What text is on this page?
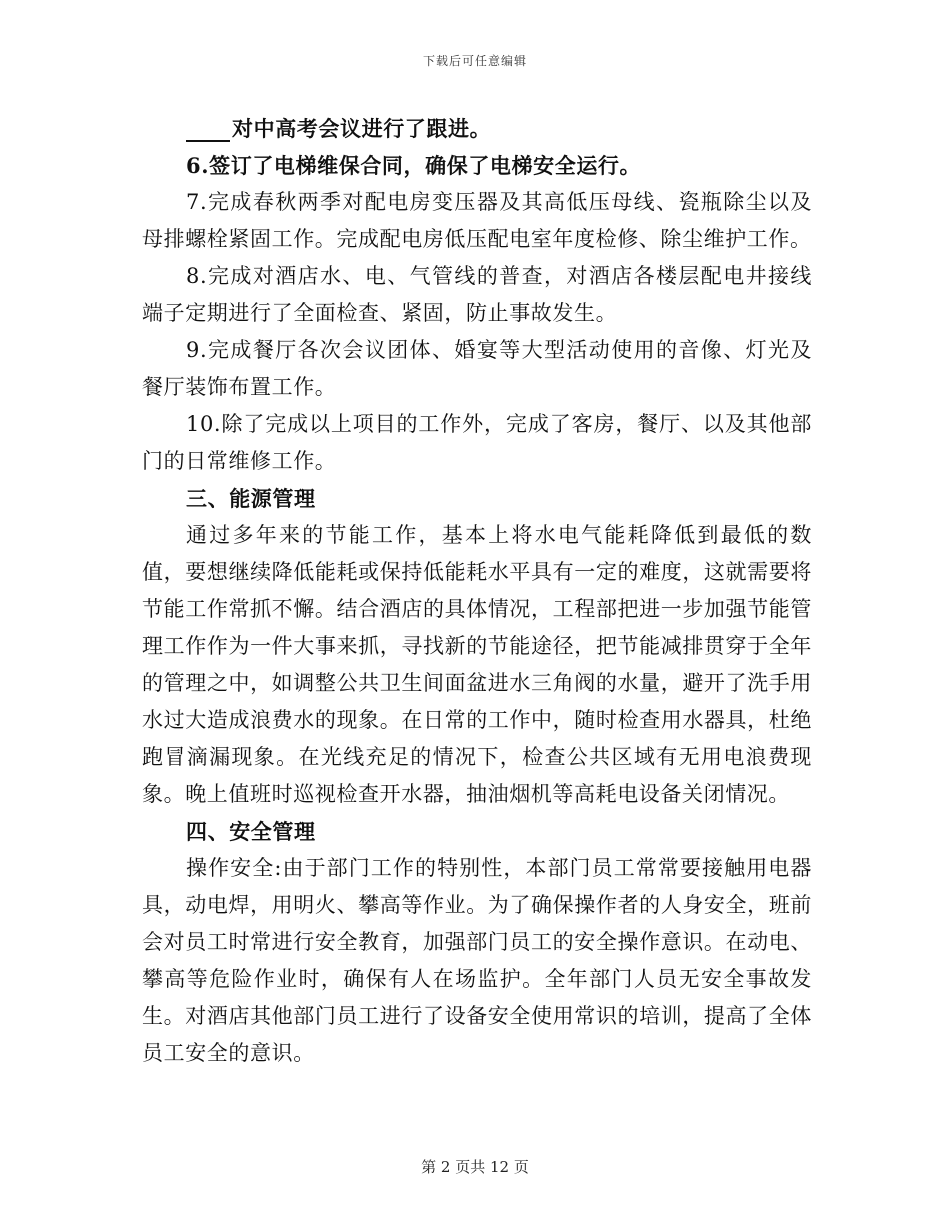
下载后可任意编辑

对中高考会议进行了跟进。

6.签订了电梯维保合同，确保了电梯安全运行。

7.完成春秋两季对配电房变压器及其高低压母线、瓷瓶除尘以及母排螺栓紧固工作。完成配电房低压配电室年度检修、除尘维护工作。

8.完成对酒店水、电、气管线的普查，对酒店各楼层配电井接线端子定期进行了全面检查、紧固，防止事故发生。

9.完成餐厅各次会议团体、婚宴等大型活动使用的音像、灯光及餐厅装饰布置工作。

10.除了完成以上项目的工作外，完成了客房，餐厅、以及其他部门的日常维修工作。

三、能源管理

通过多年来的节能工作，基本上将水电气能耗降低到最低的数值，要想继续降低能耗或保持低能耗水平具有一定的难度，这就需要将节能工作常抓不懈。结合酒店的具体情况，工程部把进一步加强节能管理工作作为一件大事来抓，寻找新的节能途径，把节能减排贯穿于全年的管理之中，如调整公共卫生间面盆进水三角阀的水量，避开了洗手用水过大造成浪费水的现象。在日常的工作中，随时检查用水器具，杜绝跑冒滴漏现象。在光线充足的情况下，检查公共区域有无用电浪费现象。晚上值班时巡视检查开水器，抽油烟机等高耗电设备关闭情况。

四、安全管理

操作安全:由于部门工作的特别性，本部门员工常常要接触用电器具，动电焊，用明火、攀高等作业。为了确保操作者的人身安全，班前会对员工时常进行安全教育，加强部门员工的安全操作意识。在动电、攀高等危险作业时，确保有人在场监护。全年部门人员无安全事故发生。对酒店其他部门员工进行了设备安全使用常识的培训，提高了全体员工安全的意识。

第 2 页共 12 页
